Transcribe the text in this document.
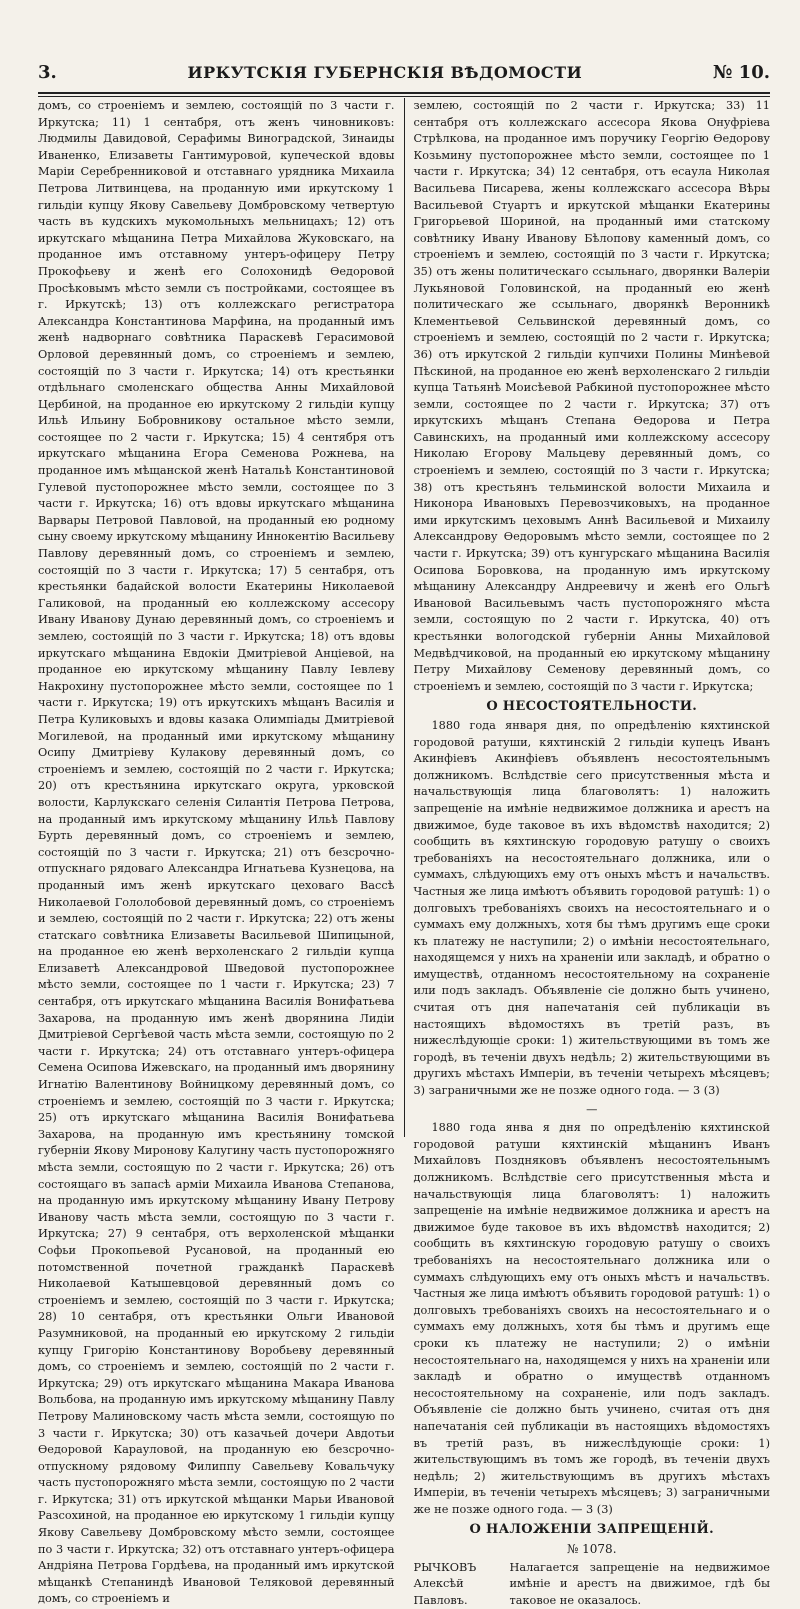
3.	ИРКУТСКІЯ ГУБЕРНСКІЯ ВѢДОМОСТИ	№ 10.

домъ, со строеніемъ и землею, состоящій по 3 части г. Иркутска; 11) 1 сентабря, отъ женъ чиновниковъ: Людмилы Давидовой, Серафимы Виноградской, Зинаиды Иваненко, Елизаветы Гантимуровой, купеческой вдовы Маріи Серебренниковой и отставнаго урядника Михаила Петрова Литвинцева, на проданную ими иркутскому 1 гильдіи купцу Якову Савельеву Домбровскому четвертую часть въ кудскихъ мукомольныхъ мельницахъ; 12) отъ иркутскаго мѣщанина Петра Михайлова Жуковскаго, на проданное имъ отставному унтеръ-офицеру Петру Прокофьеву и женѣ его Солохонидѣ Ѳедоровой Просѣковымъ мѣсто земли съ постройками, состоящее въ г. Иркутскѣ; 13) отъ коллежскаго регистратора Александра Константинова Марфина, на проданный имъ женѣ надворнаго совѣтника Параскевѣ Герасимовой Орловой деревянный домъ, со строеніемъ и землею, состоящій по 3 части г. Иркутска; 14) отъ крестьянки отдѣльнаго смоленскаго общества Анны Михайловой Цербиной, на проданное ею иркутскому 2 гильдіи купцу Ильѣ Ильину Бобровникову остальное мѣсто земли, состоящее по 2 части г. Иркутска; 15) 4 сентября отъ иркутскаго мѣщанина Егора Семенова Рожнева, на проданное имъ мѣщанской женѣ Натальѣ Константиновой Гулевой пустопорожнее мѣсто земли, состоящее по 3 части г. Иркутска; 16) отъ вдовы иркутскаго мѣщанина Варвары Петровой Павловой, на проданный ею родному сыну своему иркутскому мѣщанину Иннокентію Васильеву Павлову деревянный домъ, со строеніемъ и землею, состоящій по 3 части г. Иркутска; 17) 5 сентабря, отъ крестьянки бадайской волости Екатерины Николаевой Галиковой, на проданный ею коллежскому ассесору Ивану Иванову Дунаю деревянный домъ, со строеніемъ и землею, состоящій по 3 части г. Иркутска; 18) отъ вдовы иркутскаго мѣщанина Евдокіи Дмитріевой Анціевой, на проданное ею иркутскому мѣщанину Павлу Іевлеву Накрохину пустопорожнее мѣсто земли, состоящее по 1 части г. Иркутска; 19) отъ иркутскихъ мѣщанъ Василія и Петра Куликовыхъ и вдовы казака Олимпіады Дмитріевой Могилевой, на проданный ими иркутскому мѣщанину Осипу Дмитріеву Кулакову деревянный домъ, со строеніемъ и землею, состоящій по 2 части г. Иркутска; 20) отъ крестьянина иркутскаго округа, урковской волости, Карлукскаго селенія Силантія Петрова Петрова, на проданный имъ иркутскому мѣщанину Ильѣ Павлову Бурть деревянный домъ, со строеніемъ и землею, состоящій по 3 части г. Иркутска; 21) отъ безсрочно-отпускнаго рядоваго Александра Игнатьева Кузнецова, на проданный имъ женѣ иркутскаго цеховаго Вассѣ Николаевой Гололобовой деревянный домъ, со строеніемъ и землею, состоящій по 2 части г. Иркутска; 22) отъ жены статскаго совѣтника Елизаветы Васильевой Шипицыной, на проданное ею женѣ верхоленскаго 2 гильдіи купца Елизаветѣ Александровой Шведовой пустопорожнее мѣсто земли, состоящее по 1 части г. Иркутска; 23) 7 сентабря, отъ иркутскаго мѣщанина Василія Вонифатьева Захарова, на проданную имъ женѣ дворянина Лидіи Дмитріевой Сергѣевой часть мѣста земли, состоящую по 2 части г. Иркутска; 24) отъ отставнаго унтеръ-офицера Семена Осипова Ижевскаго, на проданный имъ дворянину Игнатію Валентинову Войницкому деревянный домъ, со строеніемъ и землею, состоящій по 3 части г. Иркутска; 25) отъ иркутскаго мѣщанина Василія Вонифатьева Захарова, на проданную имъ крестьянину томской губерніи Якову Миронову Калугину часть пустопорожняго мѣста земли, состоящую по 2 части г. Иркутска; 26) отъ состоящаго въ запасѣ арміи Михаила Иванова Степанова, на проданную имъ иркутскому мѣщанину Ивану Петрову Иванову часть мѣста земли, состоящую по 3 части г. Иркутска; 27) 9 сентабря, отъ верхоленской мѣщанки Софьи Прокопьевой Русановой, на проданный ею потомственной почетной гражданкѣ Параскевѣ Николаевой Катышевцовой деревянный домъ со строеніемъ и землею, состоящій по 3 части г. Иркутска; 28) 10 сентабря, отъ крестьянки Ольги Ивановой Разумниковой, на проданный ею иркутскому 2 гильдіи купцу Григорію Константинову Воробьеву деревянный домъ, со строеніемъ и землею, состоящій по 2 части г. Иркутска; 29) отъ иркутскаго мѣщанина Макара Иванова Вольбова, на проданную имъ иркутскому мѣщанину Павлу Петрову Малиновскому часть мѣста земли, состоящую по 3 части г. Иркутска; 30) отъ казачьей дочери Авдотьи Ѳедоровой Карауловой, на проданную ею безсрочно-отпускному рядовому Филиппу Савельеву Ковальчуку часть пустопорожняго мѣста земли, состоящую по 2 части г. Иркутска; 31) отъ иркутской мѣщанки Марьи Ивановой Разсохиной, на проданное ею иркутскому 1 гильдіи купцу Якову Савельеву Домбровскому мѣсто земли, состоящее по 3 части г. Иркутска; 32) отъ отставнаго унтеръ-офицера Андріяна Петрова Гордѣева, на проданный имъ иркутской мѣщанкѣ Степаниндѣ Ивановой Теляковой деревянный домъ, со строеніемъ и

землею, состоящій по 2 части г. Иркутска; 33) 11 сентабря отъ коллежскаго ассесора Якова Онуфріева Стрѣлкова, на проданное имъ поручику Георгію Ѳедорову Козьмину пустопорожнее мѣсто земли, состоящее по 1 части г. Иркутска; 34) 12 сентабря, отъ есаула Николая Васильева Писарева, жены коллежскаго ассесора Вѣры Васильевой Стуартъ и иркутской мѣщанки Екатерины Григорьевой Шориной, на проданный ими статскому совѣтнику Ивану Иванову Бѣлопову каменный домъ, со строеніемъ и землею, состоящій по 3 части г. Иркутска; 35) отъ жены политическаго ссыльнаго, дворянки Валеріи Лукьяновой Головинской, на проданный ею женѣ политическаго же ссыльнаго, дворянкѣ Веронникѣ Клементьевой Сельвинской деревянный домъ, со строеніемъ и землею, состоящій по 2 части г. Иркутска; 36) отъ иркутской 2 гильдіи купчихи Полины Минѣевой Пѣскиной, на проданное ею женѣ верхоленскаго 2 гильдіи купца Татьянѣ Моисѣевой Рабкиной пустопорожнее мѣсто земли, состоящее по 2 части г. Иркутска; 37) отъ иркутскихъ мѣщанъ Степана Ѳедорова и Петра Савинскихъ, на проданный ими коллежскому ассесору Николаю Егорову Мальцеву деревянный домъ, со строеніемъ и землею, состоящій по 3 части г. Иркутска; 38) отъ крестьянъ тельминской волости Михаила и Никонора Ивановыхъ Перевозчиковыхъ, на проданное ими иркутскимъ цеховымъ Аннѣ Васильевой и Михаилу Александрову Ѳедоровымъ мѣсто земли, состоящее по 2 части г. Иркутска; 39) отъ кунгурскаго мѣщанина Василія Осипова Боровкова, на проданную имъ иркутскому мѣщанину Александру Андреевичу и женѣ его Ольгѣ Ивановой Васильевымъ часть пустопорожняго мѣста земли, состоящую по 2 части г. Иркутска, 40) отъ крестьянки вологодской губерніи Анны Михайловой Медвѣдчиковой, на проданный ею иркутскому мѣщанину Петру Михайлову Семенову деревянный домъ, со строеніемъ и землею, состоящій по 3 части г. Иркутска;

О НЕСОСТОЯТЕЛЬНОСТИ.

1880 года января дня, по опредѣленію кяхтинской городовой ратуши, кяхтинскій 2 гильдіи купецъ Иванъ Акинфіевъ Акинфіевъ объявленъ несостоятельнымъ должникомъ. Вслѣдствіе сего присутственныя мѣста и начальствующія лица благоволятъ: 1) наложить запрещеніе на имѣніе недвижимое должника и арестъ на движимое, буде таковое въ ихъ вѣдомствѣ находится; 2) сообщить въ кяхтинскую городовую ратушу о своихъ требованіяхъ на несостоятельнаго должника, или о суммахъ, слѣдующихъ ему отъ оныхъ мѣстъ и начальствъ. Частныя же лица имѣютъ объявить городовой ратушѣ: 1) о долговыхъ требованіяхъ своихъ на несостоятельнаго и о суммахъ ему должныхъ, хотя бы тѣмъ другимъ еще сроки къ платежу не наступили; 2) о имѣніи несостоятельнаго, находящемся у нихъ на храненіи или закладѣ, и обратно о имуществѣ, отданномъ несостоятельному на сохраненіе или подъ закладъ. Объявленіе сіе должно быть учинено, считая отъ дня напечатанія сей публикаціи въ настоящихъ вѣдомостяхъ въ третій разъ, въ нижеслѣдующіе сроки: 1) жительствующими въ томъ же городѣ, въ теченіи двухъ недѣль; 2) жительствующими въ другихъ мѣстахъ Имперіи, въ теченіи четырехъ мѣсяцевъ; 3) заграничными же не позже одного года. — 3 (3)

—

1880 года янва я дня по опредѣленію кяхтинской городовой ратуши кяхтинскій мѣщанинъ Иванъ Михайловъ Поздняковъ объявленъ несостоятельнымъ должникомъ. Вслѣдствіе сего присутственныя мѣста и начальствующія лица благоволятъ: 1) наложить запрещеніе на имѣніе недвижимое должника и арестъ на движимое буде таковое въ ихъ вѣдомствѣ находится; 2) сообщить въ кяхтинскую городовую ратушу о своихъ требованіяхъ на несостоятельнаго должника или о суммахъ слѣдующихъ ему отъ оныхъ мѣстъ и начальствъ. Частныя же лица имѣютъ объявить городовой ратушѣ: 1) о долговыхъ требованіяхъ своихъ на несостоятельнаго и о суммахъ ему должныхъ, хотя бы тѣмъ и другимъ еще сроки къ платежу не наступили; 2) о имѣніи несостоятельнаго на, находящемся у нихъ на храненіи или закладѣ и обратно о имуществѣ отданномъ несостоятельному на сохраненіе, или подъ закладъ. Объявленіе сіе должно быть учинено, считая отъ дня напечатанія сей публикаціи въ настоящихъ вѣдомостяхъ въ третій разъ, въ нижеслѣдующіе сроки: 1) жительствующимъ въ томъ же городѣ, въ теченіи двухъ недѣль; 2) жительствующимъ въ другихъ мѣстахъ Имперіи, въ теченіи четырехъ мѣсяцевъ; 3) заграничными же не позже одного года. — 3 (3)

О НАЛОЖЕНІИ ЗАПРЕЩЕНІЙ.
№ 1078.
РЫЧКОВЪ
Алексѣй Павловъ.
Налагается запрещеніе на недвижимое имѣніе и арестъ на движимое, гдѣ бы таковое не оказалось.
